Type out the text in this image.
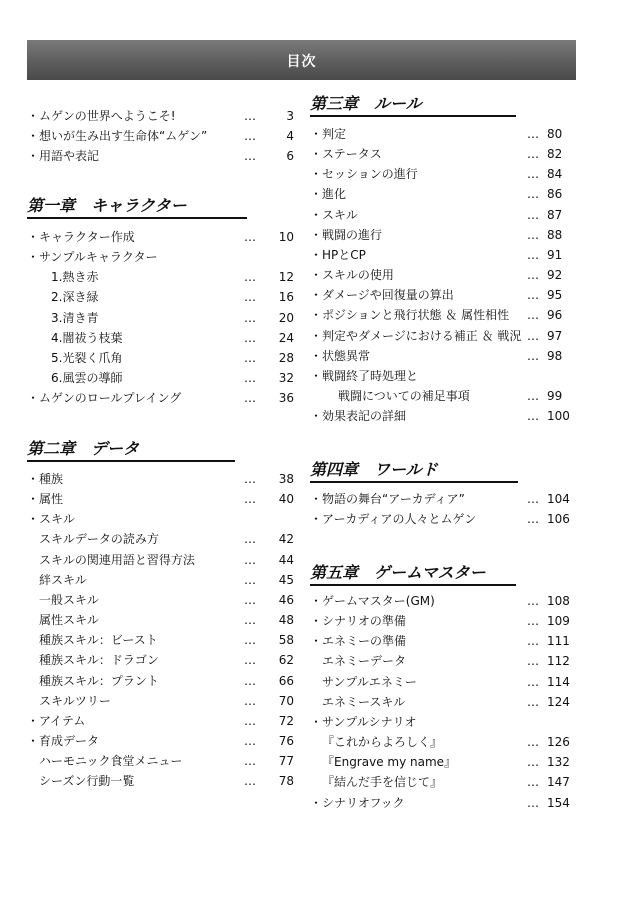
目次
・ムゲンの世界へようこそ!	…	3
・想いが生み出す生命体“ムゲン”	…	4
・用語や表記	…	6
第一章　キャラクター
・キャラクター作成	… 10
・サンプルキャラクター
1.熱き赤	… 12
2.深き緑	… 16
3.清き青	… 20
4.闇祓う枝葉	… 24
5.光裂く爪角	… 28
6.風雲の導師	… 32
・ムゲンのロールプレイング	… 36
第二章　データ
・種族	… 38
・属性	… 40
・スキル
スキルデータの読み方	… 42
スキルの関連用語と習得方法	… 44
絆スキル	… 45
一般スキル	… 46
属性スキル	… 48
種族スキル：ビースト	… 58
種族スキル：ドラゴン	… 62
種族スキル：プラント	… 66
スキルツリー	… 70
・アイテム	… 72
・育成データ	… 76
ハーモニック食堂メニュー	… 77
シーズン行動一覧	… 78
第三章　ルール
・判定	… 80
・ステータス	… 82
・セッションの進行	… 84
・進化	… 86
・スキル	… 87
・戦闘の進行	… 88
・HPとCP	… 91
・スキルの使用	… 92
・ダメージや回復量の算出	… 95
・ポジションと飛行状態 ＆ 属性相性 … 96
・判定やダメージにおける補正 ＆ 戦況 … 97
・状態異常	… 98
・戦闘終了時処理と
戦闘についての補足事項	… 99
・効果表記の詳細	… 100
第四章　ワールド
・物語の舞台“アーカディア”	… 104
・アーカディアの人々とムゲン	… 106
第五章　ゲームマスター
・ゲームマスター(GM)	… 108
・シナリオの準備	… 109
・エネミーの準備	… 111
エネミーデータ	… 112
サンプルエネミー	… 114
エネミースキル	… 124
・サンプルシナリオ
『これからよろしく』	… 126
『Engrave my name』	… 132
『結んだ手を信じて』	… 147
・シナリオフック	… 154
